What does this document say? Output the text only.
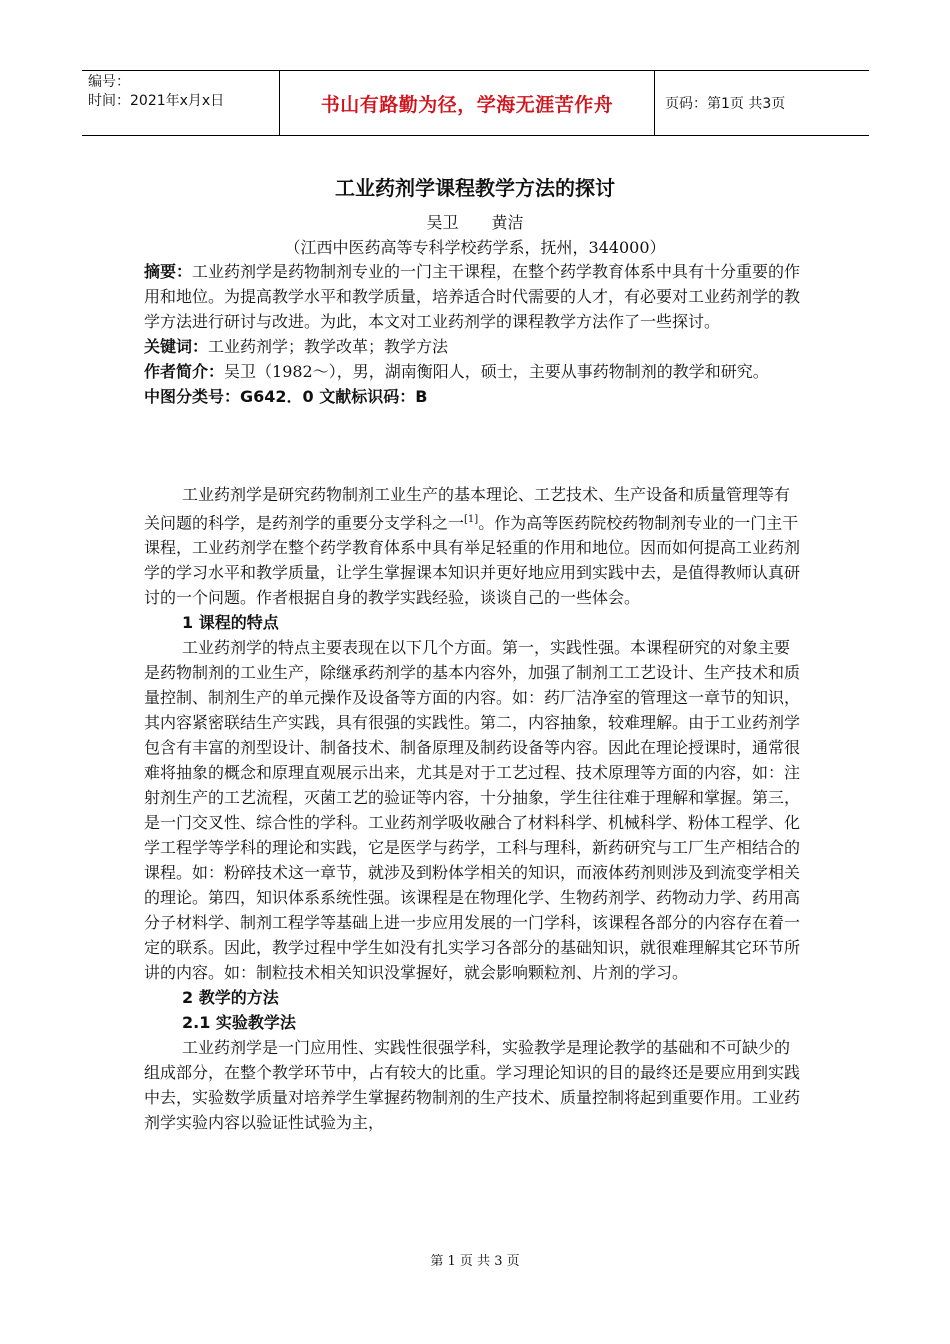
编号：
时间：2021年x月x日	书山有路勤为径，学海无涯苦作舟	页码：第1页 共3页
工业药剂学课程教学方法的探讨
吴卫 黄洁
（江西中医药高等专科学校药学系，抚州，344000）
摘要：工业药剂学是药物制剂专业的一门主干课程，在整个药学教育体系中具有十分重要的作用和地位。为提高教学水平和教学质量，培养适合时代需要的人才，有必要对工业药剂学的教学方法进行研讨与改进。为此，本文对工业药剂学的课程教学方法作了一些探讨。
关键词：工业药剂学；教学改革；教学方法
作者简介：吴卫（1982～），男，湖南衡阳人，硕士，主要从事药物制剂的教学和研究。
中图分类号：G642．0 文献标识码：B
工业药剂学是研究药物制剂工业生产的基本理论、工艺技术、生产设备和质量管理等有关问题的科学，是药剂学的重要分支学科之一[1]。作为高等医药院校药物制剂专业的一门主干课程，工业药剂学在整个药学教育体系中具有举足轻重的作用和地位。因而如何提高工业药剂学的学习水平和教学质量，让学生掌握课本知识并更好地应用到实践中去，是值得教师认真研讨的一个问题。作者根据自身的教学实践经验，谈谈自己的一些体会。
1 课程的特点
工业药剂学的特点主要表现在以下几个方面。第一，实践性强。本课程研究的对象主要是药物制剂的工业生产，除继承药剂学的基本内容外，加强了制剂工工艺设计、生产技术和质量控制、制剂生产的单元操作及设备等方面的内容。如：药厂洁净室的管理这一章节的知识，其内容紧密联结生产实践，具有很强的实践性。第二，内容抽象，较难理解。由于工业药剂学包含有丰富的剂型设计、制备技术、制备原理及制药设备等内容。因此在理论授课时，通常很难将抽象的概念和原理直观展示出来，尤其是对于工艺过程、技术原理等方面的内容，如：注射剂生产的工艺流程，灭菌工艺的验证等内容，十分抽象，学生往往难于理解和掌握。第三，是一门交叉性、综合性的学科。工业药剂学吸收融合了材料科学、机械科学、粉体工程学、化学工程学等学科的理论和实践，它是医学与药学，工科与理科，新药研究与工厂生产相结合的课程。如：粉碎技术这一章节，就涉及到粉体学相关的知识，而液体药剂则涉及到流变学相关的理论。第四，知识体系系统性强。该课程是在物理化学、生物药剂学、药物动力学、药用高分子材料学、制剂工程学等基础上进一步应用发展的一门学科，该课程各部分的内容存在着一定的联系。因此，教学过程中学生如没有扎实学习各部分的基础知识，就很难理解其它环节所讲的内容。如：制粒技术相关知识没掌握好，就会影响颗粒剂、片剂的学习。
2 教学的方法
2.1 实验教学法
工业药剂学是一门应用性、实践性很强学科，实验教学是理论教学的基础和不可缺少的组成部分，在整个教学环节中，占有较大的比重。学习理论知识的目的最终还是要应用到实践中去，实验数学质量对培养学生掌握药物制剂的生产技术、质量控制将起到重要作用。工业药剂学实验内容以验证性试验为主，
第 1 页 共 3 页
